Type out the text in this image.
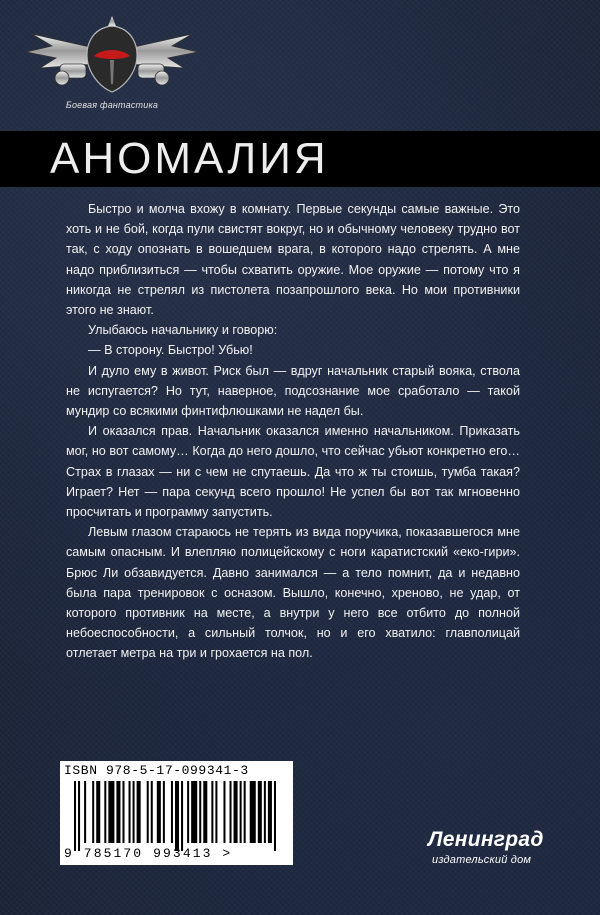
Боевая фантастика
АНОМАЛИЯ

Быстро и молча вхожу в комнату. Первые секунды самые важные. Это хоть и не бой, когда пули свистят вокруг, но и обычному человеку трудно вот так, с ходу опознать в вошедшем врага, в которого надо стрелять. А мне надо приблизиться — чтобы схватить оружие. Мое оружие — потому что я никогда не стрелял из пистолета позапрошлого века. Но мои противники этого не знают.

Улыбаюсь начальнику и говорю:

— В сторону. Быстро! Убью!

И дуло ему в живот. Риск был — вдруг начальник старый вояка, ствола не испугается? Но тут, наверное, подсознание мое сработало — такой мундир со всякими финтифлюшками не надел бы.

И оказался прав. Начальник оказался именно начальником. Приказать мог, но вот самому… Когда до него дошло, что сейчас убьют конкретно его… Страх в глазах — ни с чем не спутаешь. Да что ж ты стоишь, тумба такая? Играет? Нет — пара секунд всего прошло! Не успел бы вот так мгновенно просчитать и программу запустить.

Левым глазом стараюсь не терять из вида поручика, показавшегося мне самым опасным. И влепляю полицейскому с ноги каратистский «еко-гири». Брюс Ли обзавидуется. Давно занимался — а тело помнит, да и недавно была пара тренировок с осназом. Вышло, конечно, хреново, не удар, от которого противник на месте, а внутри у него все отбито до полной небоеспособности, а сильный толчок, но и его хватило: главполицай отлетает метра на три и грохается на пол.

ISBN 978-5-17-099341-3
9 785170 993413 >
Ленинград
издательский дом
